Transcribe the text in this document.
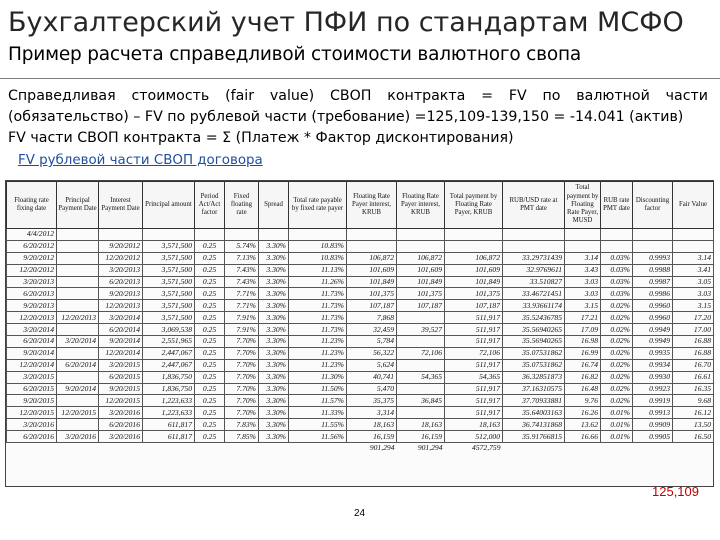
Бухгалтерский учет ПФИ по стандартам МСФО
Пример расчета справедливой стоимости валютного свопа
Справедливая стоимость (fair value) СВОП контракта = FV по валютной части
(обязательство) – FV по рублевой части (требование) =125,109-139,150 = -14.041 (актив)
FV части СВОП контракта = Σ (Платеж * Фактор дисконтирования)
FV рублевой части СВОП договора
Floating rate fixing date	Principal Payment Date	Interest Payment Date	Principal amount	Period Act/Act factor	Fixed floating rate	Spread	Total rate payable by fixed rate payer	Floating Rate Payer interest, KRUB	Floating Rate Payer interest, KRUB	Total payment by Floating Rate Payer, KRUB	RUB/USD rate at PMT date	Total payment by Floating Rate Payer, MUSD	RUB rate PMT date	Discounting factor	Fair Value
4/4/2012															
6/20/2012		9/20/2012	3,571,500	0.25	5.74%	3.30%	10.83%								
9/20/2012		12/20/2012	3,571,500	0.25	7.13%	3.30%	10.83%	106,872	106,872	106,872	33.29731439	3.14	0.03%	0.9993	3.14
12/20/2012		3/20/2013	3,571,500	0.25	7.43%	3.30%	11.13%	101,609	101,609	101,609	32.9769611	3.43	0.03%	0.9988	3.41
3/20/2013		6/20/2013	3,571,500	0.25	7.43%	3.30%	11.26%	101,849	101,849	101,849	33.510827	3.03	0.03%	0.9987	3.05
6/20/2013		9/20/2013	3,571,500	0.25	7.71%	3.30%	11.73%	101,375	101,375	101,375	33.46721451	3.03	0.03%	0.9986	3.03
9/20/2013		12/20/2013	3,571,500	0.25	7.71%	3.30%	11.73%	107,187	107,187	107,187	33.93661174	3.15	0.02%	0.9960	3.15
12/20/2013	12/20/2013	3/20/2014	3,571,500	0.25	7.91%	3.30%	11.73%	7,868		511,917	35.52436785	17.21	0.02%	0.9960	17.20
3/20/2014		6/20/2014	3,069,538	0.25	7.91%	3.30%	11.73%	32,459	39,527	511,917	35.56940265	17.09	0.02%	0.9949	17.00
6/20/2014	3/20/2014	9/20/2014	2,551,965	0.25	7.70%	3.30%	11.23%	5,784		511,917	35.56940265	16.98	0.02%	0.9949	16.88
9/20/2014		12/20/2014	2,447,067	0.25	7.70%	3.30%	11.23%	56,322	72,106	72,106	35.07531862	16.99	0.02%	0.9935	16.88
12/20/2014	6/20/2014	3/20/2015	2,447,067	0.25	7.70%	3.30%	11.23%	5,624		511,917	35.07531862	16.74	0.02%	0.9934	16.70
3/20/2015		6/20/2015	1,836,750	0.25	7.70%	3.30%	11.30%	40,741	54,365	54,365	36.32851873	16.82	0.02%	0.9930	16.61
6/20/2015	9/20/2014	9/20/2015	1,836,750	0.25	7.70%	3.30%	11.50%	5,470		511,917	37.16310575	16.48	0.02%	0.9923	16.35
9/20/2015		12/20/2015	1,223,633	0.25	7.70%	3.30%	11.57%	35,375	36,845	511,917	37.70933881	9.76	0.02%	0.9919	9.68
12/20/2015	12/20/2015	3/20/2016	1,223,633	0.25	7.70%	3.30%	11.33%	3,314		511,917	35.64003163	16.26	0.01%	0.9913	16.12
3/20/2016		6/20/2016	611,817	0.25	7.83%	3.30%	11.55%	18,163	18,163	18,163	36.74131868	13.62	0.01%	0.9909	13.50
6/20/2016	3/20/2016	3/20/2016	611,817	0.25	7.85%	3.30%	11.56%	16,159	16,159	512,000	35.91766815	16.66	0.01%	0.9905	16.50
								901,294	901,294	4572,759					
125,109
24
